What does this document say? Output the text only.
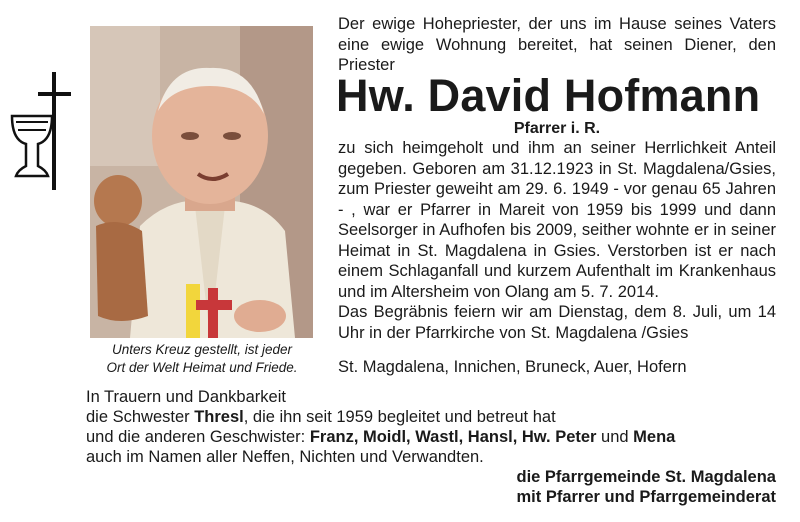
Unters Kreuz gestellt, ist jeder
Ort der Welt Heimat und Friede.
Der ewige Hohepriester, der uns im Hause seines Vaters eine ewige Wohnung bereitet, hat seinen Diener, den Priester
Hw. David Hofmann
Pfarrer i. R.
zu sich heimgeholt und ihm an seiner Herrlichkeit Anteil gegeben. Geboren am 31.12.1923 in St. Magdalena/Gsies, zum Priester geweiht am 29. 6. 1949 - vor genau 65 Jahren - , war er Pfarrer in Mareit von 1959 bis 1999 und dann Seelsorger in Aufhofen bis 2009, seither wohnte er in seiner Heimat in St. Magdalena in Gsies. Verstorben ist er nach einem Schlaganfall und kurzem Aufenthalt im Krankenhaus und im Altersheim von Olang am 5. 7. 2014.
Das Begräbnis feiern wir am Dienstag, dem 8. Juli, um 14 Uhr in der Pfarrkirche von St. Magdalena /Gsies
St. Magdalena, Innichen, Bruneck, Auer, Hofern

In Trauern und Dankbarkeit

die Schwester Thresl, die ihn seit 1959 begleitet und betreut hat

und die anderen Geschwister: Franz, Moidl, Wastl, Hansl, Hw. Peter und Mena

auch im Namen aller Neffen, Nichten und Verwandten.

die Pfarrgemeinde St. Magdalena

mit Pfarrer und Pfarrgemeinderat
